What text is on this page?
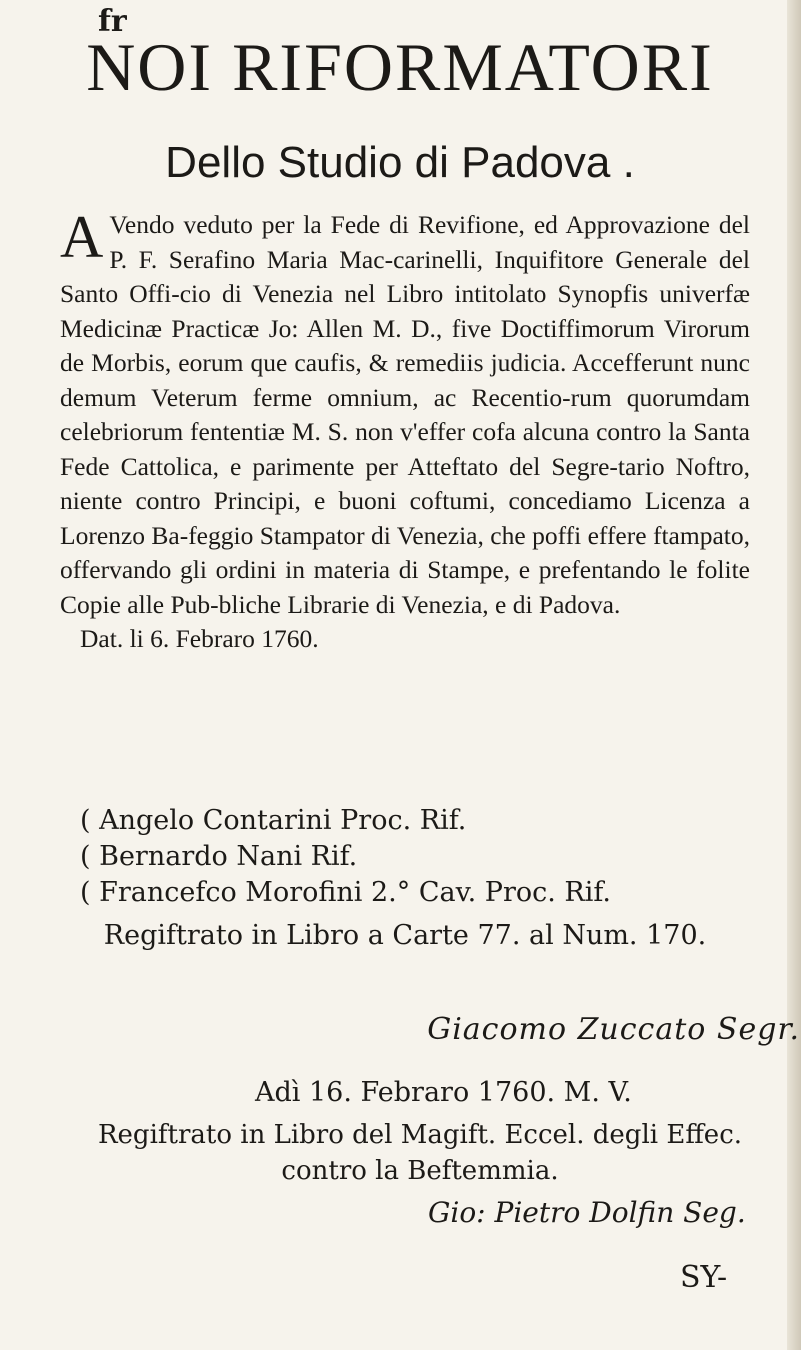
fr
NOI RIFORMATORI
Dello Studio di Padova .
A Vendo veduto per la Fede di Revifione, ed Approvazione del P. F. Serafino Maria Mac-carinelli, Inquifitore Generale del Santo Offi-cio di Venezia nel Libro intitolato Synopfis univerfæ Medicinæ Practicæ Jo: Allen M. D., five Doctiffimorum Virorum de Morbis, eorum que caufis, & remediis judicia. Accefferunt nunc demum Veterum ferme omnium, ac Recentio-rum quorumdam celebriorum fententiæ M. S. non v'effer cofa alcuna contro la Santa Fede Cattolica, e parimente per Atteftato del Segre-tario Noftro, niente contro Principi, e buoni coftumi, concediamo Licenza a Lorenzo Ba-feggio Stampator di Venezia, che poffi effere ftampato, offervando gli ordini in materia di Stampe, e prefentando le folite Copie alle Pub-bliche Librarie di Venezia, e di Padova.
Dat. li 6. Febraro 1760.
( Angelo Contarini Proc. Rif.
( Bernardo Nani Rif.
( Francefco Morofini 2.° Cav. Proc. Rif.
Regiftrato in Libro a Carte 77. al Num. 170.
Giacomo Zuccato Segr.
Adì 16. Febraro 1760. M. V.
Regiftrato in Libro del Magift. Eccel. degli Effec.
contro la Beftemmia.
Gio: Pietro Dolfin Seg.
SY-
